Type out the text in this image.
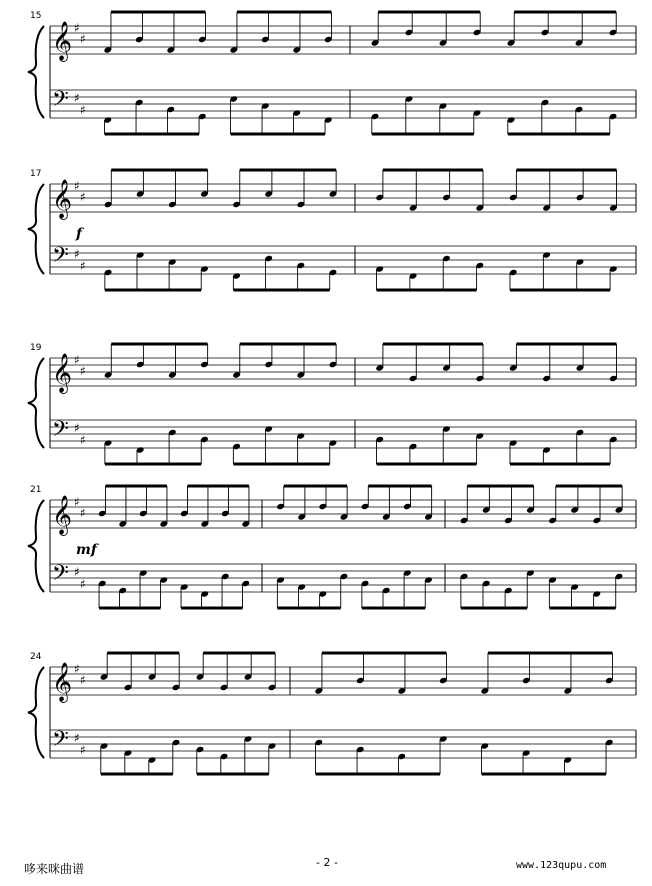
𝄞 ♯
♯
𝄢 ♯
♯
15
𝄞 ♯
♯
𝄢 ♯
♯
17
f
𝄞 ♯
♯
𝄢 ♯
♯
19
𝄞 ♯
♯
𝄢 ♯
♯
21
mf
𝄞 ♯
♯
𝄢 ♯
♯
24
哆来咪曲谱	- 2 -	www.123qupu.com
